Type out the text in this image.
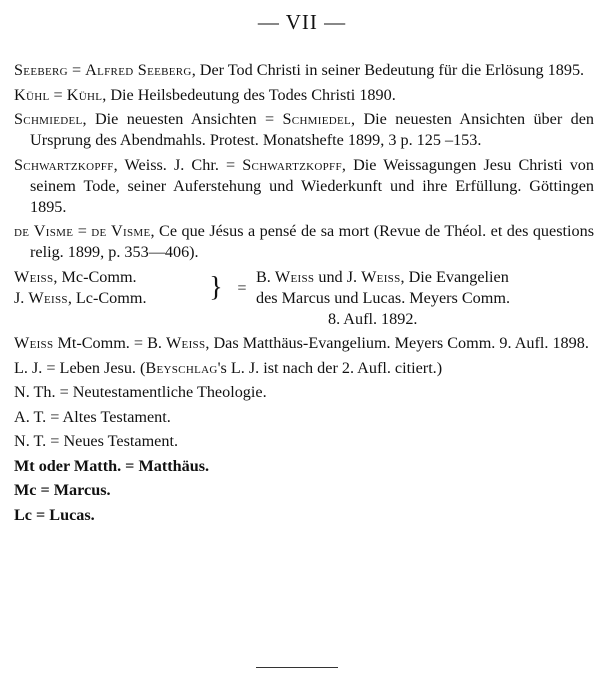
— VII —

Seeberg = Alfred Seeberg, Der Tod Christi in seiner Bedeutung für die Erlösung 1895.

Kühl = Kühl, Die Heilsbedeutung des Todes Christi 1890.

Schmiedel, Die neuesten Ansichten = Schmiedel, Die neuesten Ansichten über den Ursprung des Abendmahls. Protest. Monatshefte 1899, 3 p. 125 –153.

Schwartzkopff, Weiss. J. Chr. = Schwartzkopff, Die Weissagungen Jesu Christi von seinem Tode, seiner Auferstehung und Wiederkunft und ihre Erfüllung. Göttingen 1895.

de Visme = de Visme, Ce que Jésus a pensé de sa mort (Revue de Théol. et des questions relig. 1899, p. 353—406).

Weiss, Mc-Comm.
J. Weiss, Lc-Comm.	} =
B. Weiss und J. Weiss, Die Evangelien
des Marcus und Lucas. Meyers Comm.
8. Aufl. 1892.

Weiss Mt-Comm. = B. Weiss, Das Matthäus-Evangelium. Meyers Comm. 9. Aufl. 1898.

L. J. = Leben Jesu. (Beyschlag's L. J. ist nach der 2. Aufl. citiert.)

N. Th. = Neutestamentliche Theologie.

A. T. = Altes Testament.

N. T. = Neues Testament.

Mt oder Matth. = Matthäus.

Mc = Marcus.

Lc = Lucas.
